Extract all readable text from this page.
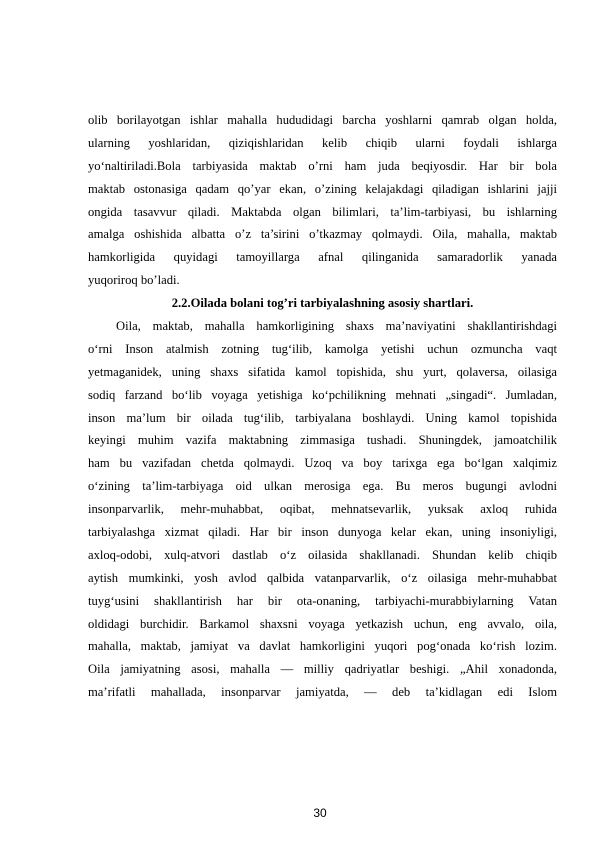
olib borilayotgan ishlar mahalla hududidagi barcha yoshlarni qamrab olgan holda,
ularning yoshlaridan, qiziqishlaridan kelib chiqib ularni foydali ishlarga
yo‘naltiriladi.Bola tarbiyasida maktab o’rni ham juda beqiyosdir. Har bir bola
maktab ostonasiga qadam qo’yar ekan, o’zining kelajakdagi qiladigan ishlarini jajji
ongida tasavvur qiladi. Maktabda olgan bilimlari, ta’lim-tarbiyasi, bu ishlarning
amalga oshishida albatta o’z ta’sirini o’tkazmay qolmaydi. Oila, mahalla, maktab
hamkorligida quyidagi tamoyillarga afnal qilinganida samaradorlik yanada
yuqoriroq bo’ladi.
2.2.Oilada bolani tog’ri tarbiyalashning asosiy shartlari.
Oila, maktab, mahalla hamkorligining shaxs ma’naviyatini shakllantirishdagi
o‘rni Inson atalmish zotning tug‘ilib, kamolga yetishi uchun ozmuncha vaqt
yetmaganidek, uning shaxs sifatida kamol topishida, shu yurt, qolaversa, oilasiga
sodiq farzand bo‘lib voyaga yetishiga ko‘pchilikning mehnati „singadi“. Jumladan,
inson ma’lum bir oilada tug‘ilib, tarbiyalana boshlaydi. Uning kamol topishida
keyingi muhim vazifa maktabning zimmasiga tushadi. Shuningdek, jamoatchilik
ham bu vazifadan chetda qolmaydi. Uzoq va boy tarixga ega bo‘lgan xalqimiz
o‘zining ta’lim-tarbiyaga oid ulkan merosiga ega. Bu meros bugungi avlodni
insonparvarlik, mehr-muhabbat, oqibat, mehnatsevarlik, yuksak axloq ruhida
tarbiyalashga xizmat qiladi. Har bir inson dunyoga kelar ekan, uning insoniyligi,
axloq-odobi, xulq-atvori dastlab o‘z oilasida shakllanadi. Shundan kelib chiqib
aytish mumkinki, yosh avlod qalbida vatanparvarlik, o‘z oilasiga mehr-muhabbat
tuyg‘usini shakllantirish har bir ota-onaning, tarbiyachi-murabbiylarning Vatan
oldidagi burchidir. Barkamol shaxsni voyaga yetkazish uchun, eng avvalo, oila,
mahalla, maktab, jamiyat va davlat hamkorligini yuqori pog‘onada ko‘rish lozim.
Oila jamiyatning asosi, mahalla — milliy qadriyatlar beshigi. „Ahil xonadonda,
ma’rifatli mahallada, insonparvar jamiyatda, — deb ta’kidlagan edi Islom
30
